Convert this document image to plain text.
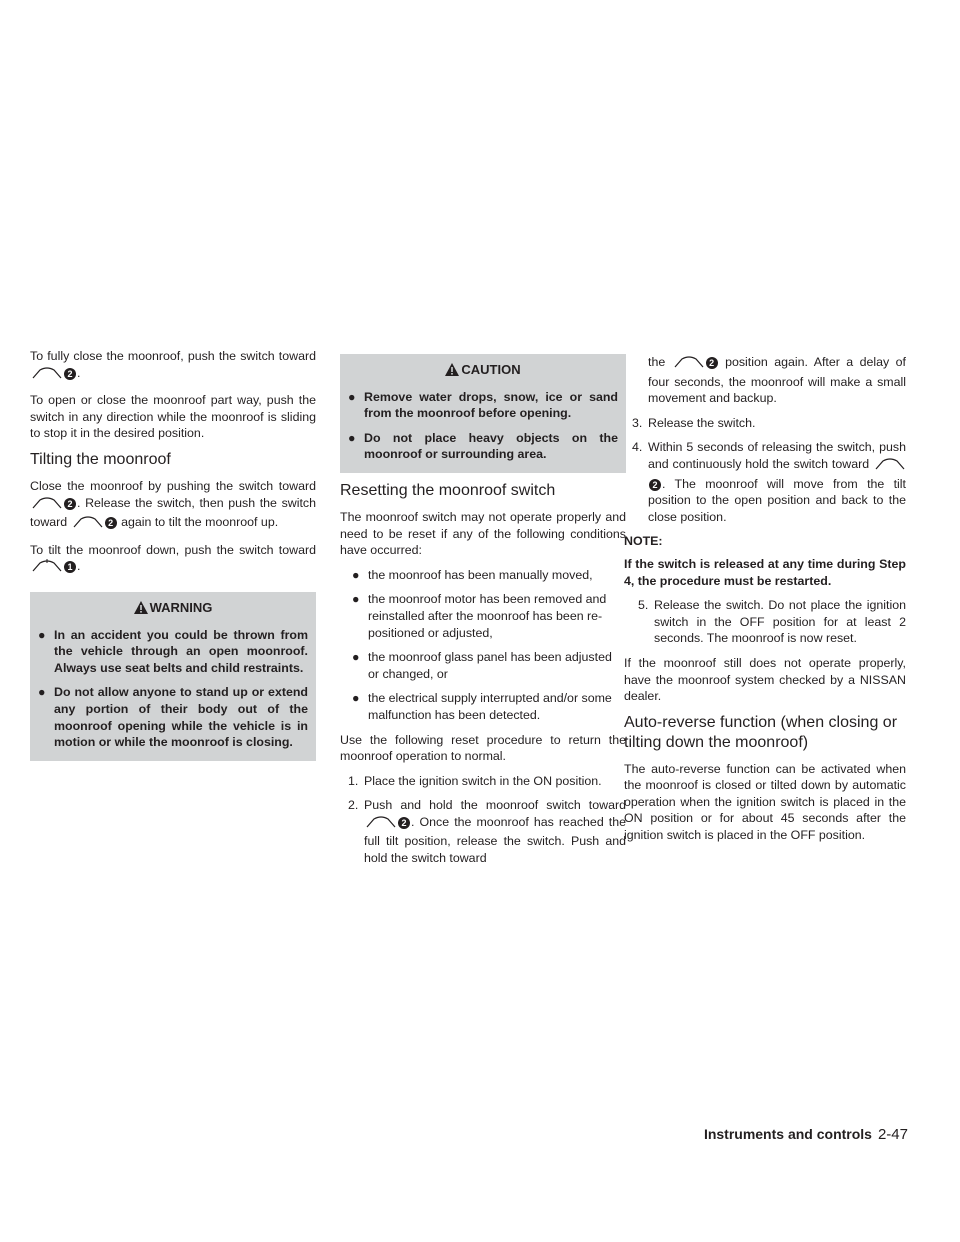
To fully close the moonroof, push the switch toward 2 .

To open or close the moonroof part way, push the switch in any direction while the moonroof is sliding to stop it in the desired position.

Tilting the moonroof

Close the moonroof by pushing the switch toward 2 . Release the switch, then push the switch toward	2 again to tilt the moonroof up.

To tilt the moonroof down, push the switch toward 1 .

WARNING
● In an accident you could be thrown from the vehicle through an open moonroof. Always use seat belts and child restraints.
● Do not allow anyone to stand up or extend any portion of their body out of the moonroof opening while the vehicle is in motion or while the moonroof is closing.
CAUTION
● Remove water drops, snow, ice or sand from the moonroof before opening.
● Do not place heavy objects on the moonroof or surrounding area.
Resetting the moonroof switch

The moonroof switch may not operate properly and need to be reset if any of the following conditions have occurred:

● the moonroof has been manually moved,
● the moonroof motor has been removed and reinstalled after the moonroof has been re-positioned or adjusted,
● the moonroof glass panel has been adjusted or changed, or
● the electrical supply interrupted and/or some malfunction has been detected.

Use the following reset procedure to return the moonroof operation to normal.

1. Place the ignition switch in the ON position.
2. Push and hold the moonroof switch toward 2 . Once the moonroof has reached the full tilt position, release the switch. Push and hold the switch toward

the	2 position again. After a delay of four seconds, the moonroof will make a small movement and backup.

3. Release the switch.
4. Within 5 seconds of releasing the switch, push and continuously hold the switch toward 2 . The moonroof will move from the tilt position to the open position and back to the close position.

NOTE:

If the switch is released at any time during Step 4, the procedure must be restarted.

5. Release the switch. Do not place the ignition switch in the OFF position for at least 2 seconds. The moonroof is now reset.

If the moonroof still does not operate properly, have the moonroof system checked by a NISSAN dealer.

Auto-reverse function (when closing or tilting down the moonroof)

The auto-reverse function can be activated when the moonroof is closed or tilted down by automatic operation when the ignition switch is placed in the ON position or for about 45 seconds after the ignition switch is placed in the OFF position.

Instruments and controls 2-47
